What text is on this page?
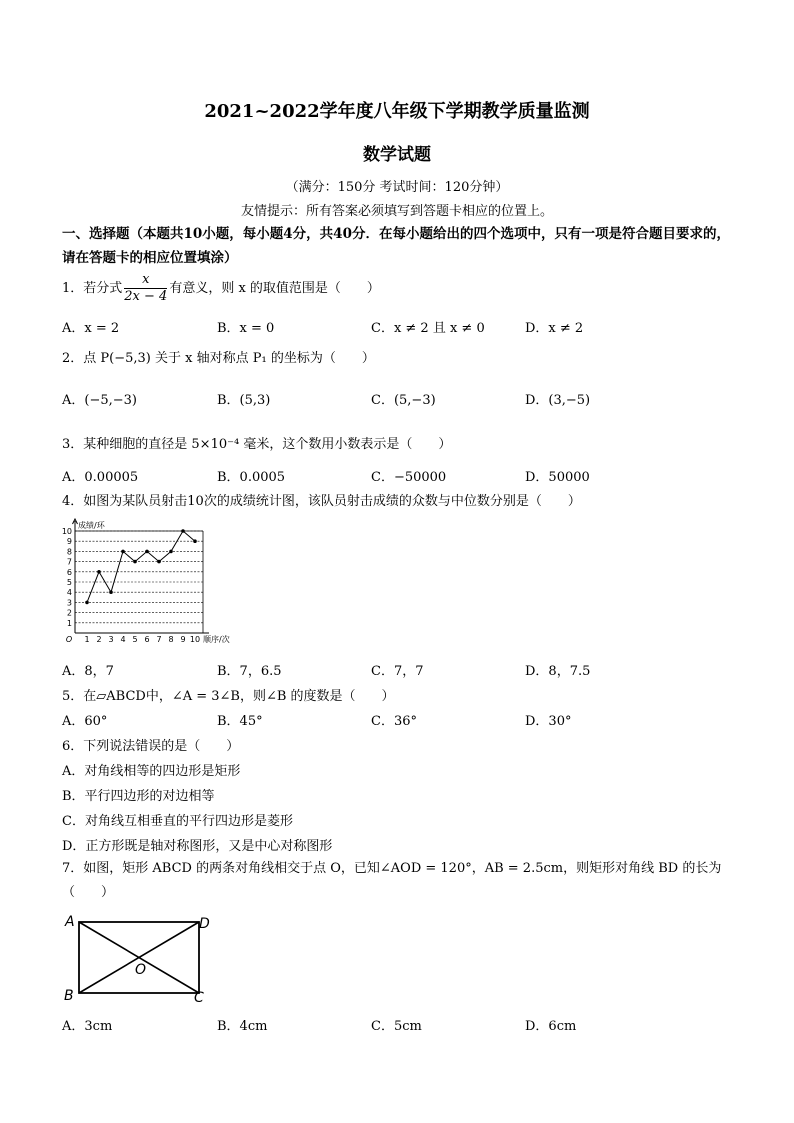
2021~2022学年度八年级下学期教学质量监测
数学试题
（满分：150分 考试时间：120分钟）
友情提示：所有答案必须填写到答题卡相应的位置上。
一、选择题（本题共10小题，每小题4分，共40分．在每小题给出的四个选项中，只有一项是符合题目要求的，请在答题卡的相应位置填涂）
1．若分式 $\frac{x}{2x - 4}$ 有意义，则 x 的取值范围是（　　）
A．x = 2	B．x = 0	C．x ≠ 2 且 x ≠ 0	D．x ≠ 2
2．点 P(−5,3) 关于 x 轴对称点 P₁ 的坐标为（　　）
A．(−5,−3)	B．(5,3)	C．(5,−3)	D．(3,−5)
3．某种细胞的直径是 5×10⁻⁴ 毫米，这个数用小数表示是（　　）
A．0.00005	B．0.0005	C．−50000	D．50000
4．如图为某队员射击10次的成绩统计图，该队员射击成绩的众数与中位数分别是（　　）
1
2
3
4
5
6
7
8
9
10
O 1 2 3 4 5 6 7 8 9 10
成绩/环
顺序/次
A．8，7	B．7，6.5	C．7，7	D．8，7.5
5．在▱ABCD中，∠A = 3∠B，则∠B 的度数是（　　）
A．60°	B．45°	C．36°	D．30°
6．下列说法错误的是（　　）
A．对角线相等的四边形是矩形
B．平行四边形的对边相等
C．对角线互相垂直的平行四边形是菱形
D．正方形既是轴对称图形，又是中心对称图形
7．如图，矩形 ABCD 的两条对角线相交于点 O，已知∠AOD = 120°，AB = 2.5cm，则矩形对角线 BD 的长为（　　）
A	D
B	C
O
A．3cm	B．4cm	C．5cm	D．6cm
